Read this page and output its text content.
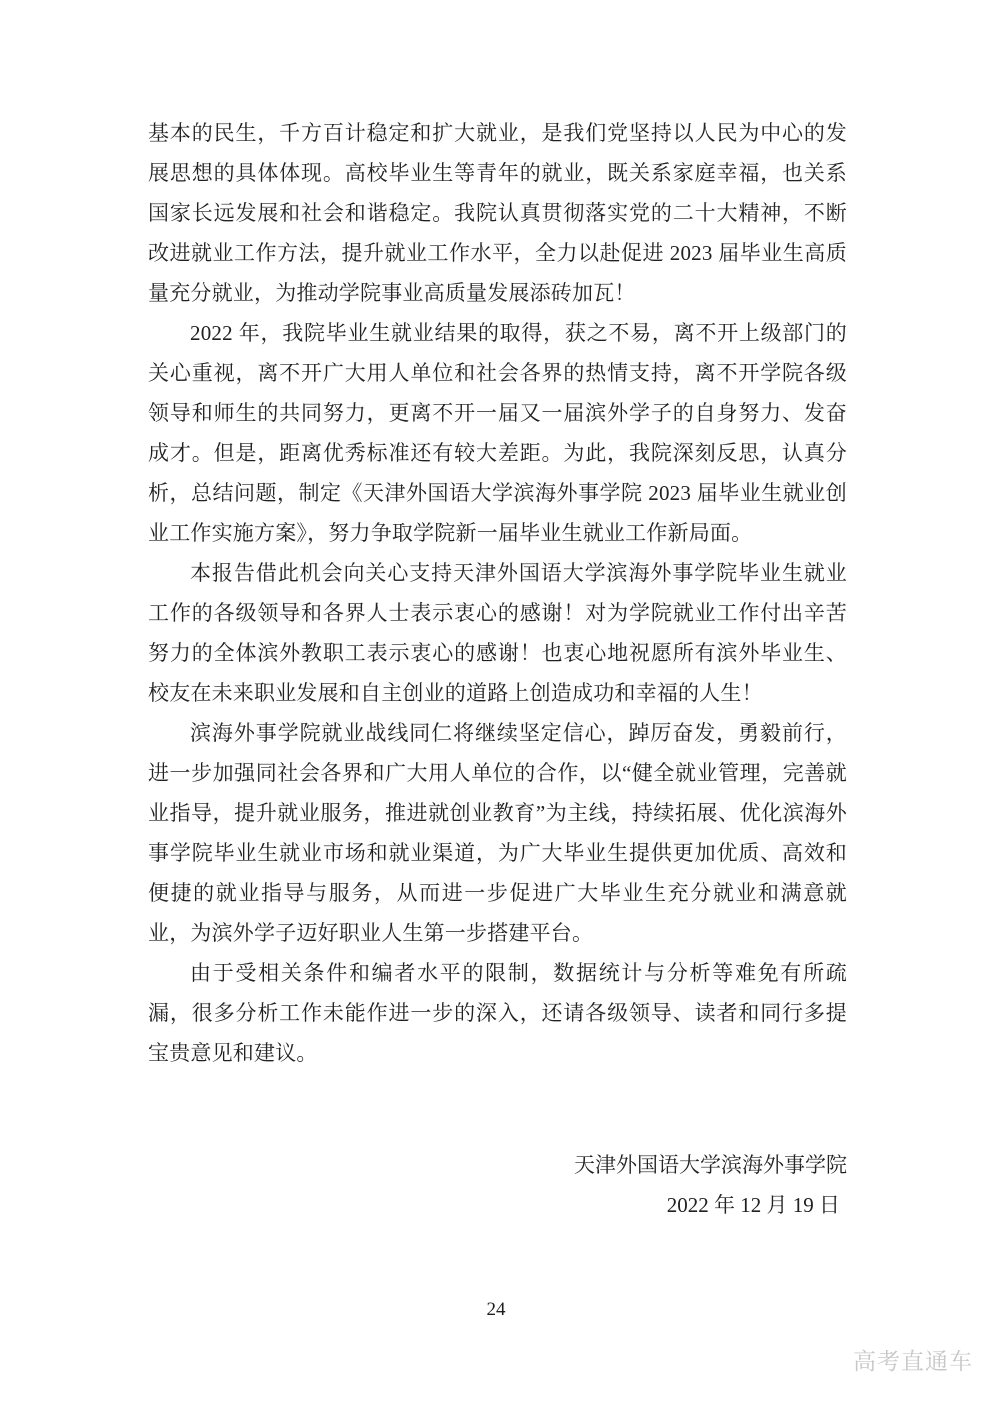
基本的民生，千方百计稳定和扩大就业，是我们党坚持以人民为中心的发展思想的具体体现。高校毕业生等青年的就业，既关系家庭幸福，也关系国家长远发展和社会和谐稳定。我院认真贯彻落实党的二十大精神，不断改进就业工作方法，提升就业工作水平，全力以赴促进 2023 届毕业生高质量充分就业，为推动学院事业高质量发展添砖加瓦！

2022 年，我院毕业生就业结果的取得，获之不易，离不开上级部门的关心重视，离不开广大用人单位和社会各界的热情支持，离不开学院各级领导和师生的共同努力，更离不开一届又一届滨外学子的自身努力、发奋成才。但是，距离优秀标准还有较大差距。为此，我院深刻反思，认真分析，总结问题，制定《天津外国语大学滨海外事学院 2023 届毕业生就业创业工作实施方案》，努力争取学院新一届毕业生就业工作新局面。

本报告借此机会向关心支持天津外国语大学滨海外事学院毕业生就业工作的各级领导和各界人士表示衷心的感谢！对为学院就业工作付出辛苦努力的全体滨外教职工表示衷心的感谢！也衷心地祝愿所有滨外毕业生、校友在未来职业发展和自主创业的道路上创造成功和幸福的人生！

滨海外事学院就业战线同仁将继续坚定信心，踔厉奋发，勇毅前行，进一步加强同社会各界和广大用人单位的合作，以“健全就业管理，完善就业指导，提升就业服务，推进就创业教育”为主线，持续拓展、优化滨海外事学院毕业生就业市场和就业渠道，为广大毕业生提供更加优质、高效和便捷的就业指导与服务，从而进一步促进广大毕业生充分就业和满意就业，为滨外学子迈好职业人生第一步搭建平台。

由于受相关条件和编者水平的限制，数据统计与分析等难免有所疏漏，很多分析工作未能作进一步的深入，还请各级领导、读者和同行多提宝贵意见和建议。

天津外国语大学滨海外事学院

2022 年 12 月 19 日

24
高考直通车
